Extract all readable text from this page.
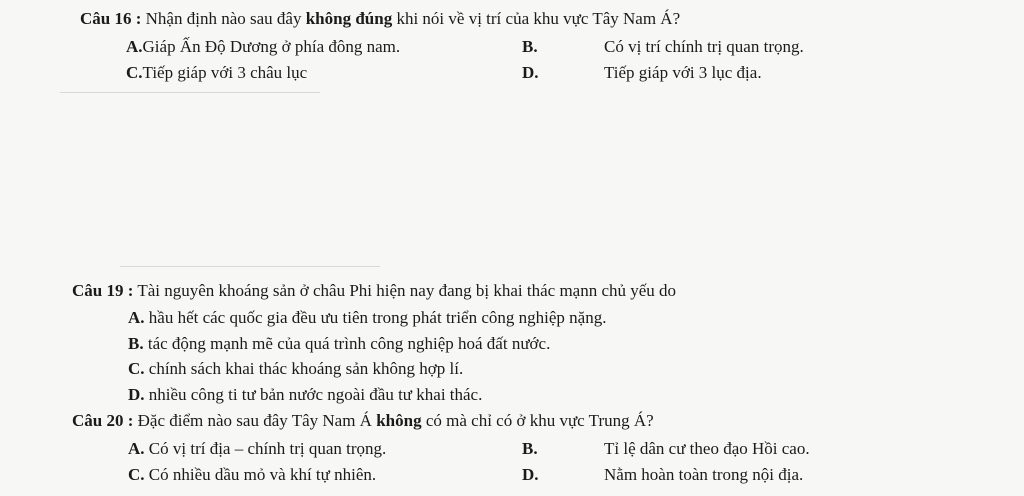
Câu 16 : Nhận định nào sau đây không đúng khi nói về vị trí của khu vực Tây Nam Á?
A.Giáp Ấn Độ Dương ở phía đông nam.	B.	Có vị trí chính trị quan trọng.
C.Tiếp giáp với 3 châu lục	D.	Tiếp giáp với 3 lục địa.
Câu 19 : Tài nguyên khoáng sản ở châu Phi hiện nay đang bị khai thác mạnn chủ yếu do
A. hầu hết các quốc gia đều ưu tiên trong phát triển công nghiệp nặng.
B. tác động mạnh mẽ của quá trình công nghiệp hoá đất nước.
C. chính sách khai thác khoáng sản không hợp lí.
D. nhiều công ti tư bản nước ngoài đầu tư khai thác.
Câu 20 : Đặc điểm nào sau đây Tây Nam Á không có mà chỉ có ở khu vực Trung Á?
A. Có vị trí địa – chính trị quan trọng.	B.	Tỉ lệ dân cư theo đạo Hồi cao.
C. Có nhiều dầu mỏ và khí tự nhiên.	D.	Nằm hoàn toàn trong nội địa.
